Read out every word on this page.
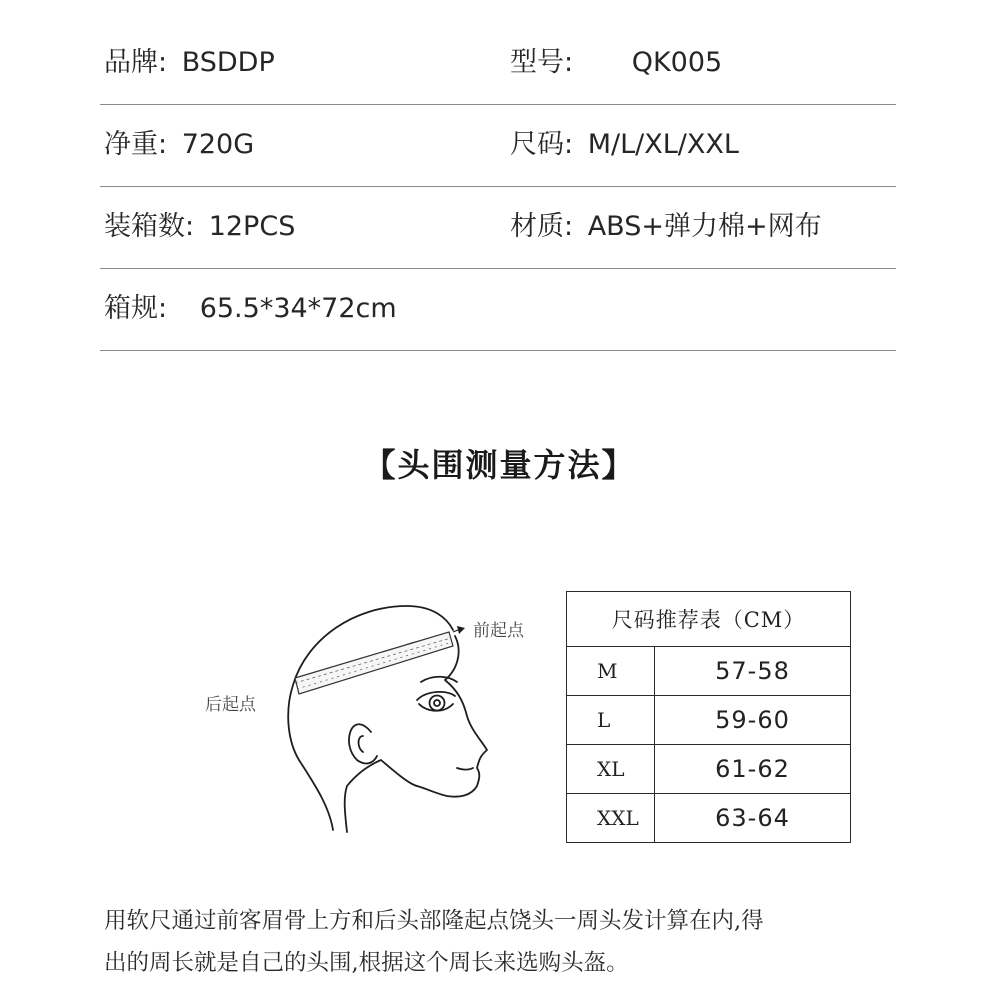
品牌: BSDDP	型号: QK005
净重: 720G	尺码: M/L/XL/XXL
装箱数: 12PCS	材质: ABS+弹力棉+网布
箱规: 65.5*34*72cm
【头围测量方法】
前起点
后起点
尺码推荐表（CM）	
M	57-58
L	59-60
XL	61-62
XXL	63-64
用软尺通过前客眉骨上方和后头部隆起点饶头一周头发计算在内,得
出的周长就是自己的头围,根据这个周长来选购头盔。
